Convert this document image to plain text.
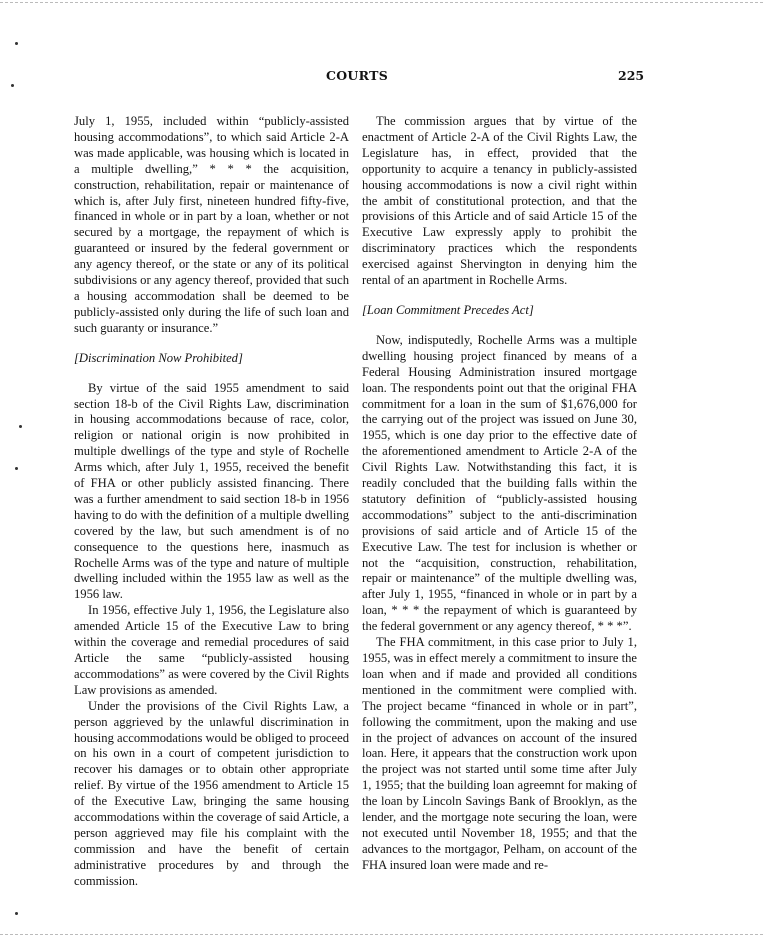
COURTS	225

July 1, 1955, included within “publicly-assisted housing accommodations”, to which said Article 2-A was made applicable, was housing which is located in a multiple dwelling,” * * * the acquisition, construction, rehabilitation, repair or maintenance of which is, after July first, nineteen hundred fifty-five, financed in whole or in part by a loan, whether or not secured by a mortgage, the repayment of which is guaranteed or insured by the federal government or any agency thereof, or the state or any of its political subdivisions or any agency thereof, provided that such a housing accommodation shall be deemed to be publicly-assisted only during the life of such loan and such guaranty or insurance.”

[Discrimination Now Prohibited]

By virtue of the said 1955 amendment to said section 18-b of the Civil Rights Law, discrimination in housing accommodations because of race, color, religion or national origin is now prohibited in multiple dwellings of the type and style of Rochelle Arms which, after July 1, 1955, received the benefit of FHA or other publicly assisted financing. There was a further amendment to said section 18-b in 1956 having to do with the definition of a multiple dwelling covered by the law, but such amendment is of no consequence to the questions here, inasmuch as Rochelle Arms was of the type and nature of multiple dwelling included within the 1955 law as well as the 1956 law.

In 1956, effective July 1, 1956, the Legislature also amended Article 15 of the Executive Law to bring within the coverage and remedial procedures of said Article the same “publicly-assisted housing accommodations” as were covered by the Civil Rights Law provisions as amended.

Under the provisions of the Civil Rights Law, a person aggrieved by the unlawful discrimination in housing accommodations would be obliged to proceed on his own in a court of competent jurisdiction to recover his damages or to obtain other appropriate relief. By virtue of the 1956 amendment to Article 15 of the Executive Law, bringing the same housing accommodations within the coverage of said Article, a person aggrieved may file his complaint with the commission and have the benefit of certain administrative procedures by and through the commission.

The commission argues that by virtue of the enactment of Article 2-A of the Civil Rights Law, the Legislature has, in effect, provided that the opportunity to acquire a tenancy in publicly-assisted housing accommodations is now a civil right within the ambit of constitutional protection, and that the provisions of this Article and of said Article 15 of the Executive Law expressly apply to prohibit the discriminatory practices which the respondents exercised against Shervington in denying him the rental of an apartment in Rochelle Arms.

[Loan Commitment Precedes Act]

Now, indisputedly, Rochelle Arms was a multiple dwelling housing project financed by means of a Federal Housing Administration insured mortgage loan. The respondents point out that the original FHA commitment for a loan in the sum of $1,676,000 for the carrying out of the project was issued on June 30, 1955, which is one day prior to the effective date of the aforementioned amendment to Article 2-A of the Civil Rights Law. Notwithstanding this fact, it is readily concluded that the building falls within the statutory definition of “publicly-assisted housing accommodations” subject to the anti-discrimination provisions of said article and of Article 15 of the Executive Law. The test for inclusion is whether or not the “acquisition, construction, rehabilitation, repair or maintenance” of the multiple dwelling was, after July 1, 1955, “financed in whole or in part by a loan, * * * the repayment of which is guaranteed by the federal government or any agency thereof, * * *”.

The FHA commitment, in this case prior to July 1, 1955, was in effect merely a commitment to insure the loan when and if made and provided all conditions mentioned in the commitment were complied with. The project became “financed in whole or in part”, following the commitment, upon the making and use in the project of advances on account of the insured loan. Here, it appears that the construction work upon the project was not started until some time after July 1, 1955; that the building loan agreemnt for making of the loan by Lincoln Savings Bank of Brooklyn, as the lender, and the mortgage note securing the loan, were not executed until November 18, 1955; and that the advances to the mortgagor, Pelham, on account of the FHA insured loan were made and re-
